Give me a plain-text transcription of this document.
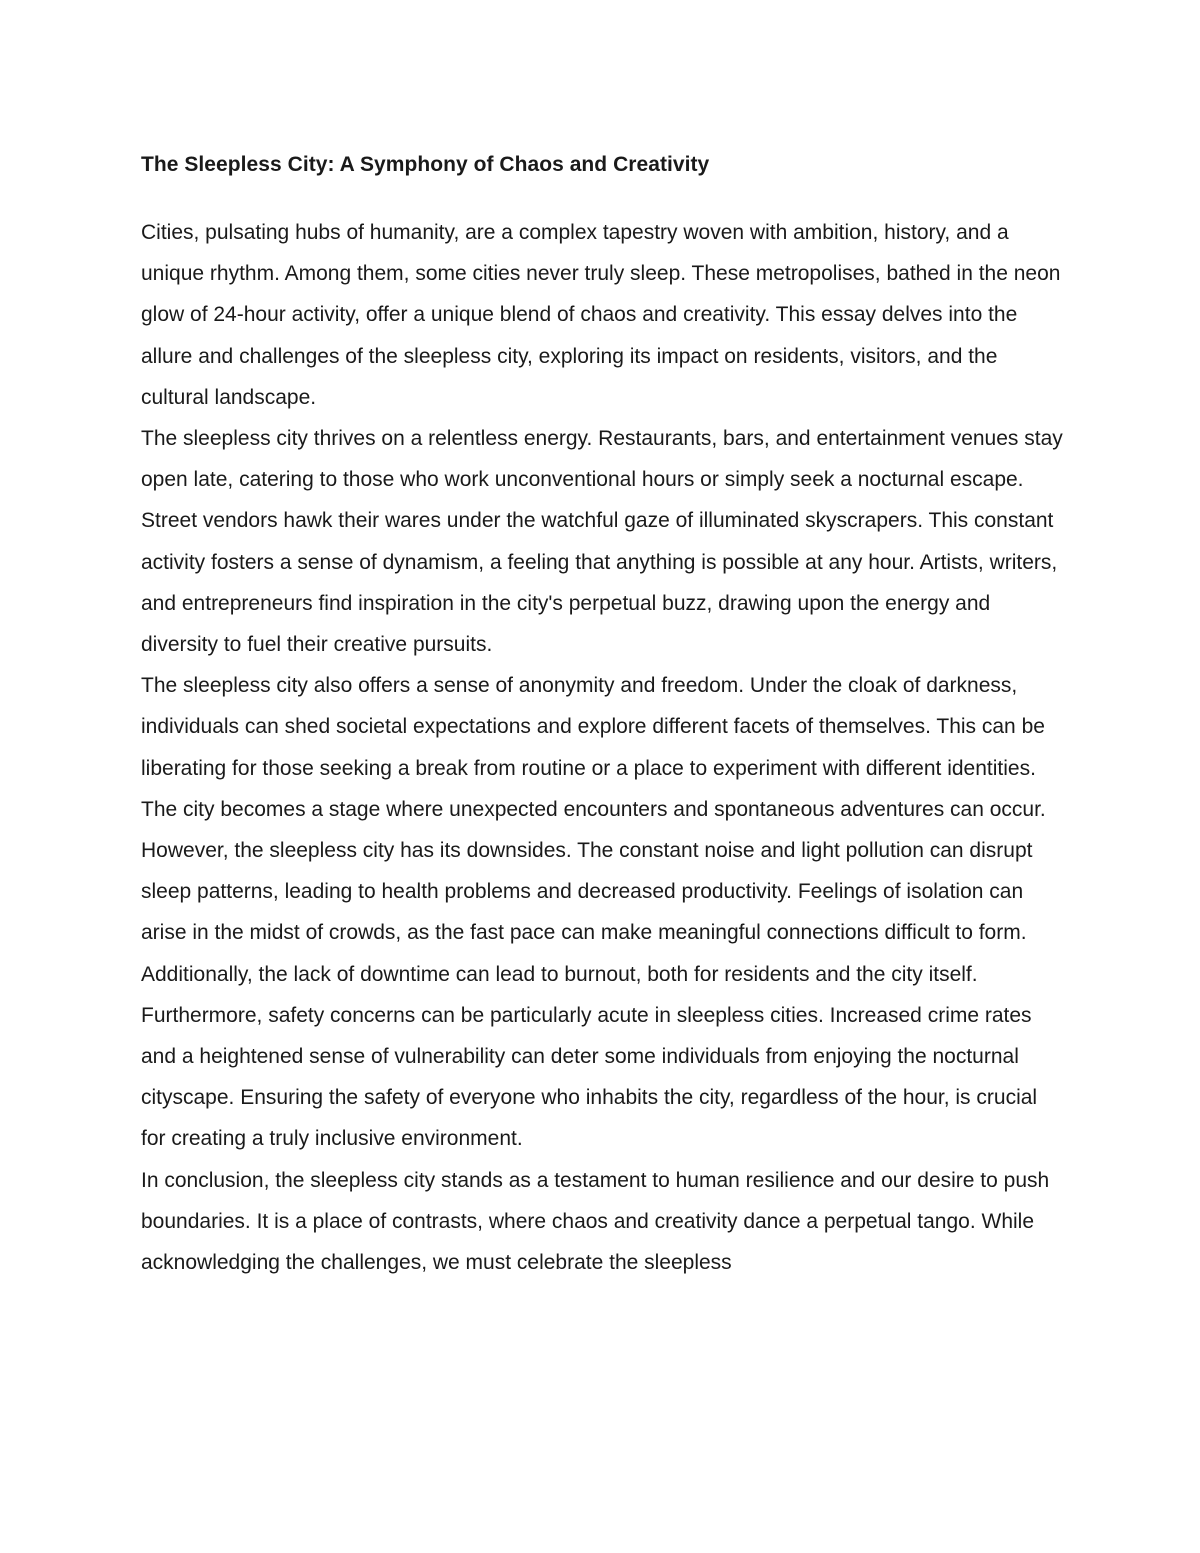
The Sleepless City: A Symphony of Chaos and Creativity

Cities, pulsating hubs of humanity, are a complex tapestry woven with ambition, history, and a unique rhythm. Among them, some cities never truly sleep. These metropolises, bathed in the neon glow of 24-hour activity, offer a unique blend of chaos and creativity. This essay delves into the allure and challenges of the sleepless city, exploring its impact on residents, visitors, and the cultural landscape.

The sleepless city thrives on a relentless energy. Restaurants, bars, and entertainment venues stay open late, catering to those who work unconventional hours or simply seek a nocturnal escape. Street vendors hawk their wares under the watchful gaze of illuminated skyscrapers. This constant activity fosters a sense of dynamism, a feeling that anything is possible at any hour. Artists, writers, and entrepreneurs find inspiration in the city's perpetual buzz, drawing upon the energy and diversity to fuel their creative pursuits.

The sleepless city also offers a sense of anonymity and freedom. Under the cloak of darkness, individuals can shed societal expectations and explore different facets of themselves. This can be liberating for those seeking a break from routine or a place to experiment with different identities. The city becomes a stage where unexpected encounters and spontaneous adventures can occur.

However, the sleepless city has its downsides. The constant noise and light pollution can disrupt sleep patterns, leading to health problems and decreased productivity. Feelings of isolation can arise in the midst of crowds, as the fast pace can make meaningful connections difficult to form. Additionally, the lack of downtime can lead to burnout, both for residents and the city itself.

Furthermore, safety concerns can be particularly acute in sleepless cities. Increased crime rates and a heightened sense of vulnerability can deter some individuals from enjoying the nocturnal cityscape. Ensuring the safety of everyone who inhabits the city, regardless of the hour, is crucial for creating a truly inclusive environment.

In conclusion, the sleepless city stands as a testament to human resilience and our desire to push boundaries. It is a place of contrasts, where chaos and creativity dance a perpetual tango. While acknowledging the challenges, we must celebrate the sleepless
